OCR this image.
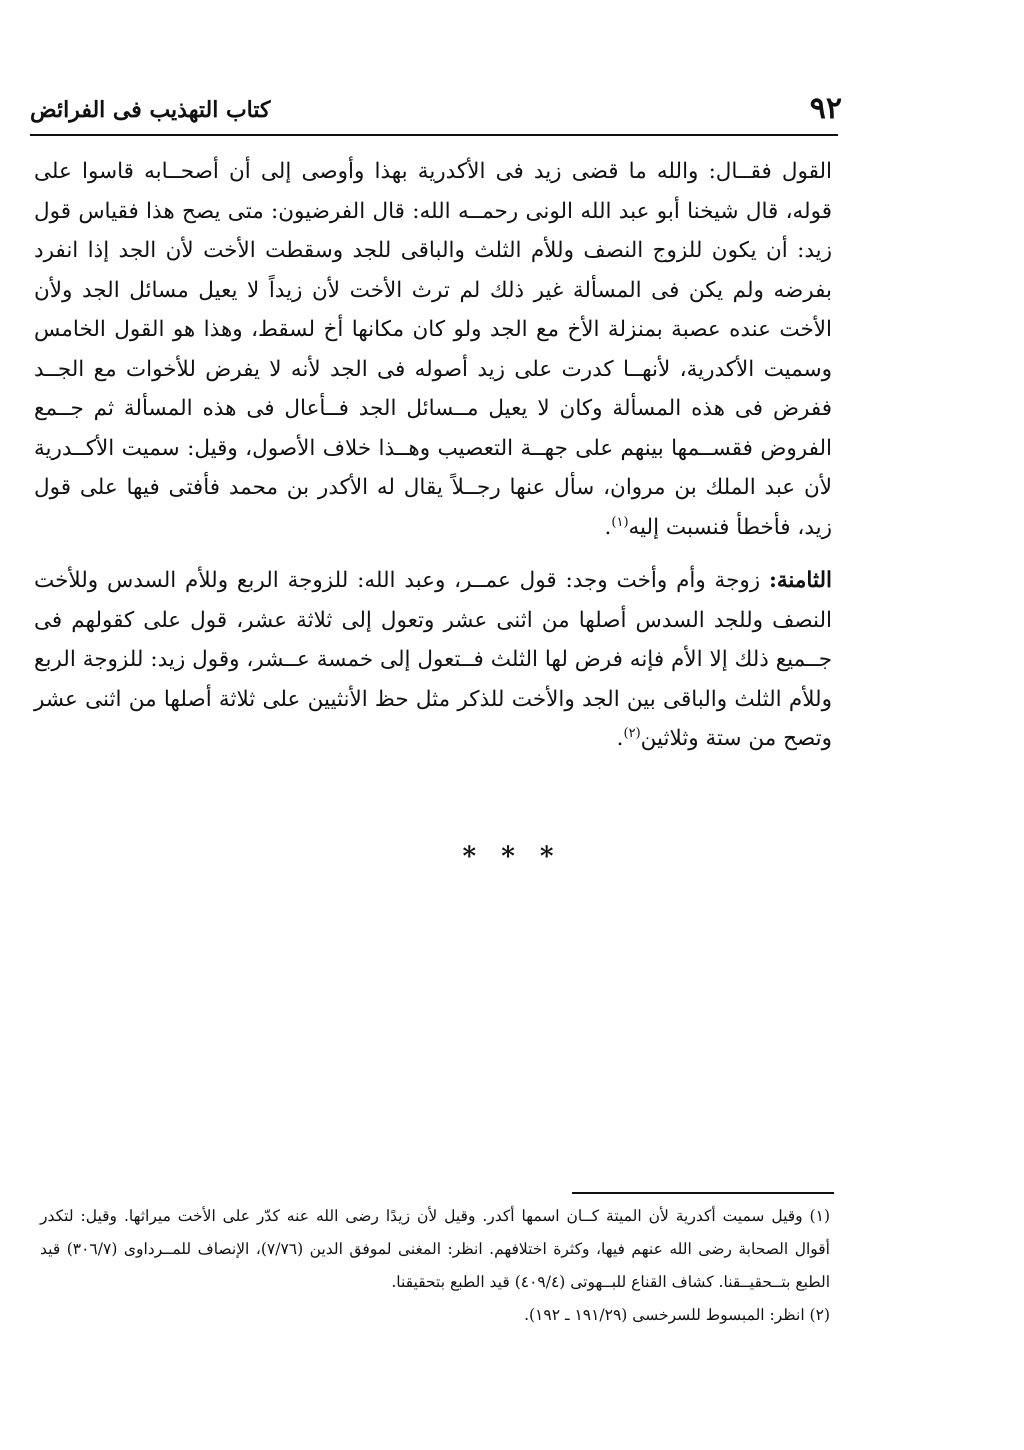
٩٢
كتاب التهذيب فى الفرائض

القول فقــال: والله ما قضى زيد فى الأكدرية بهذا وأوصى إلى أن أصحــابه قاسوا على قوله، قال شيخنا أبو عبد الله الونى رحمــه الله: قال الفرضيون: متى يصح هذا فقياس قول زيد: أن يكون للزوج النصف وللأم الثلث والباقى للجد وسقطت الأخت لأن الجد إذا انفرد بفرضه ولم يكن فى المسألة غير ذلك لم ترث الأخت لأن زيداً لا يعيل مسائل الجد ولأن الأخت عنده عصبة بمنزلة الأخ مع الجد ولو كان مكانها أخ لسقط، وهذا هو القول الخامس وسميت الأكدرية، لأنهــا كدرت على زيد أصوله فى الجد لأنه لا يفرض للأخوات مع الجــد ففرض فى هذه المسألة وكان لا يعيل مــسائل الجد فــأعال فى هذه المسألة ثم جــمع الفروض فقســمها بينهم على جهــة التعصيب وهــذا خلاف الأصول، وقيل: سميت الأكــدرية لأن عبد الملك بن مروان، سأل عنها رجــلاً يقال له الأكدر بن محمد فأفتى فيها على قول زيد، فأخطأ فنسبت إليه$^{(١)}$.

الثامنة: زوجة وأم وأخت وجد: قول عمــر، وعبد الله: للزوجة الربع وللأم السدس وللأخت النصف وللجد السدس أصلها من اثنى عشر وتعول إلى ثلاثة عشر، قول على كقولهم فى جــميع ذلك إلا الأم فإنه فرض لها الثلث فــتعول إلى خمسة عــشر، وقول زيد: للزوجة الربع وللأم الثلث والباقى بين الجد والأخت للذكر مثل حظ الأنثيين على ثلاثة أصلها من اثنى عشر وتصح من ستة وثلاثين$^{(٢)}$.

* * *

(١) وقيل سميت أكدرية لأن الميتة كــان اسمها أكدر. وقيل لأن زيدًا رضى الله عنه كدّر على الأخت ميراثها. وقيل: لتكدر أقوال الصحابة رضى الله عنهم فيها، وكثرة اختلافهم. انظر: المغنى لموفق الدين (٧/٧٦)، الإنصاف للمــرداوى (٣٠٦/٧) قيد الطبع بتــحقيــقنا. كشاف القناع للبــهوتى (٤٠٩/٤) قيد الطبع بتحقيقنا.

(٢) انظر: المبسوط للسرخسى (١٩١/٢٩ ـ ١٩٢).
